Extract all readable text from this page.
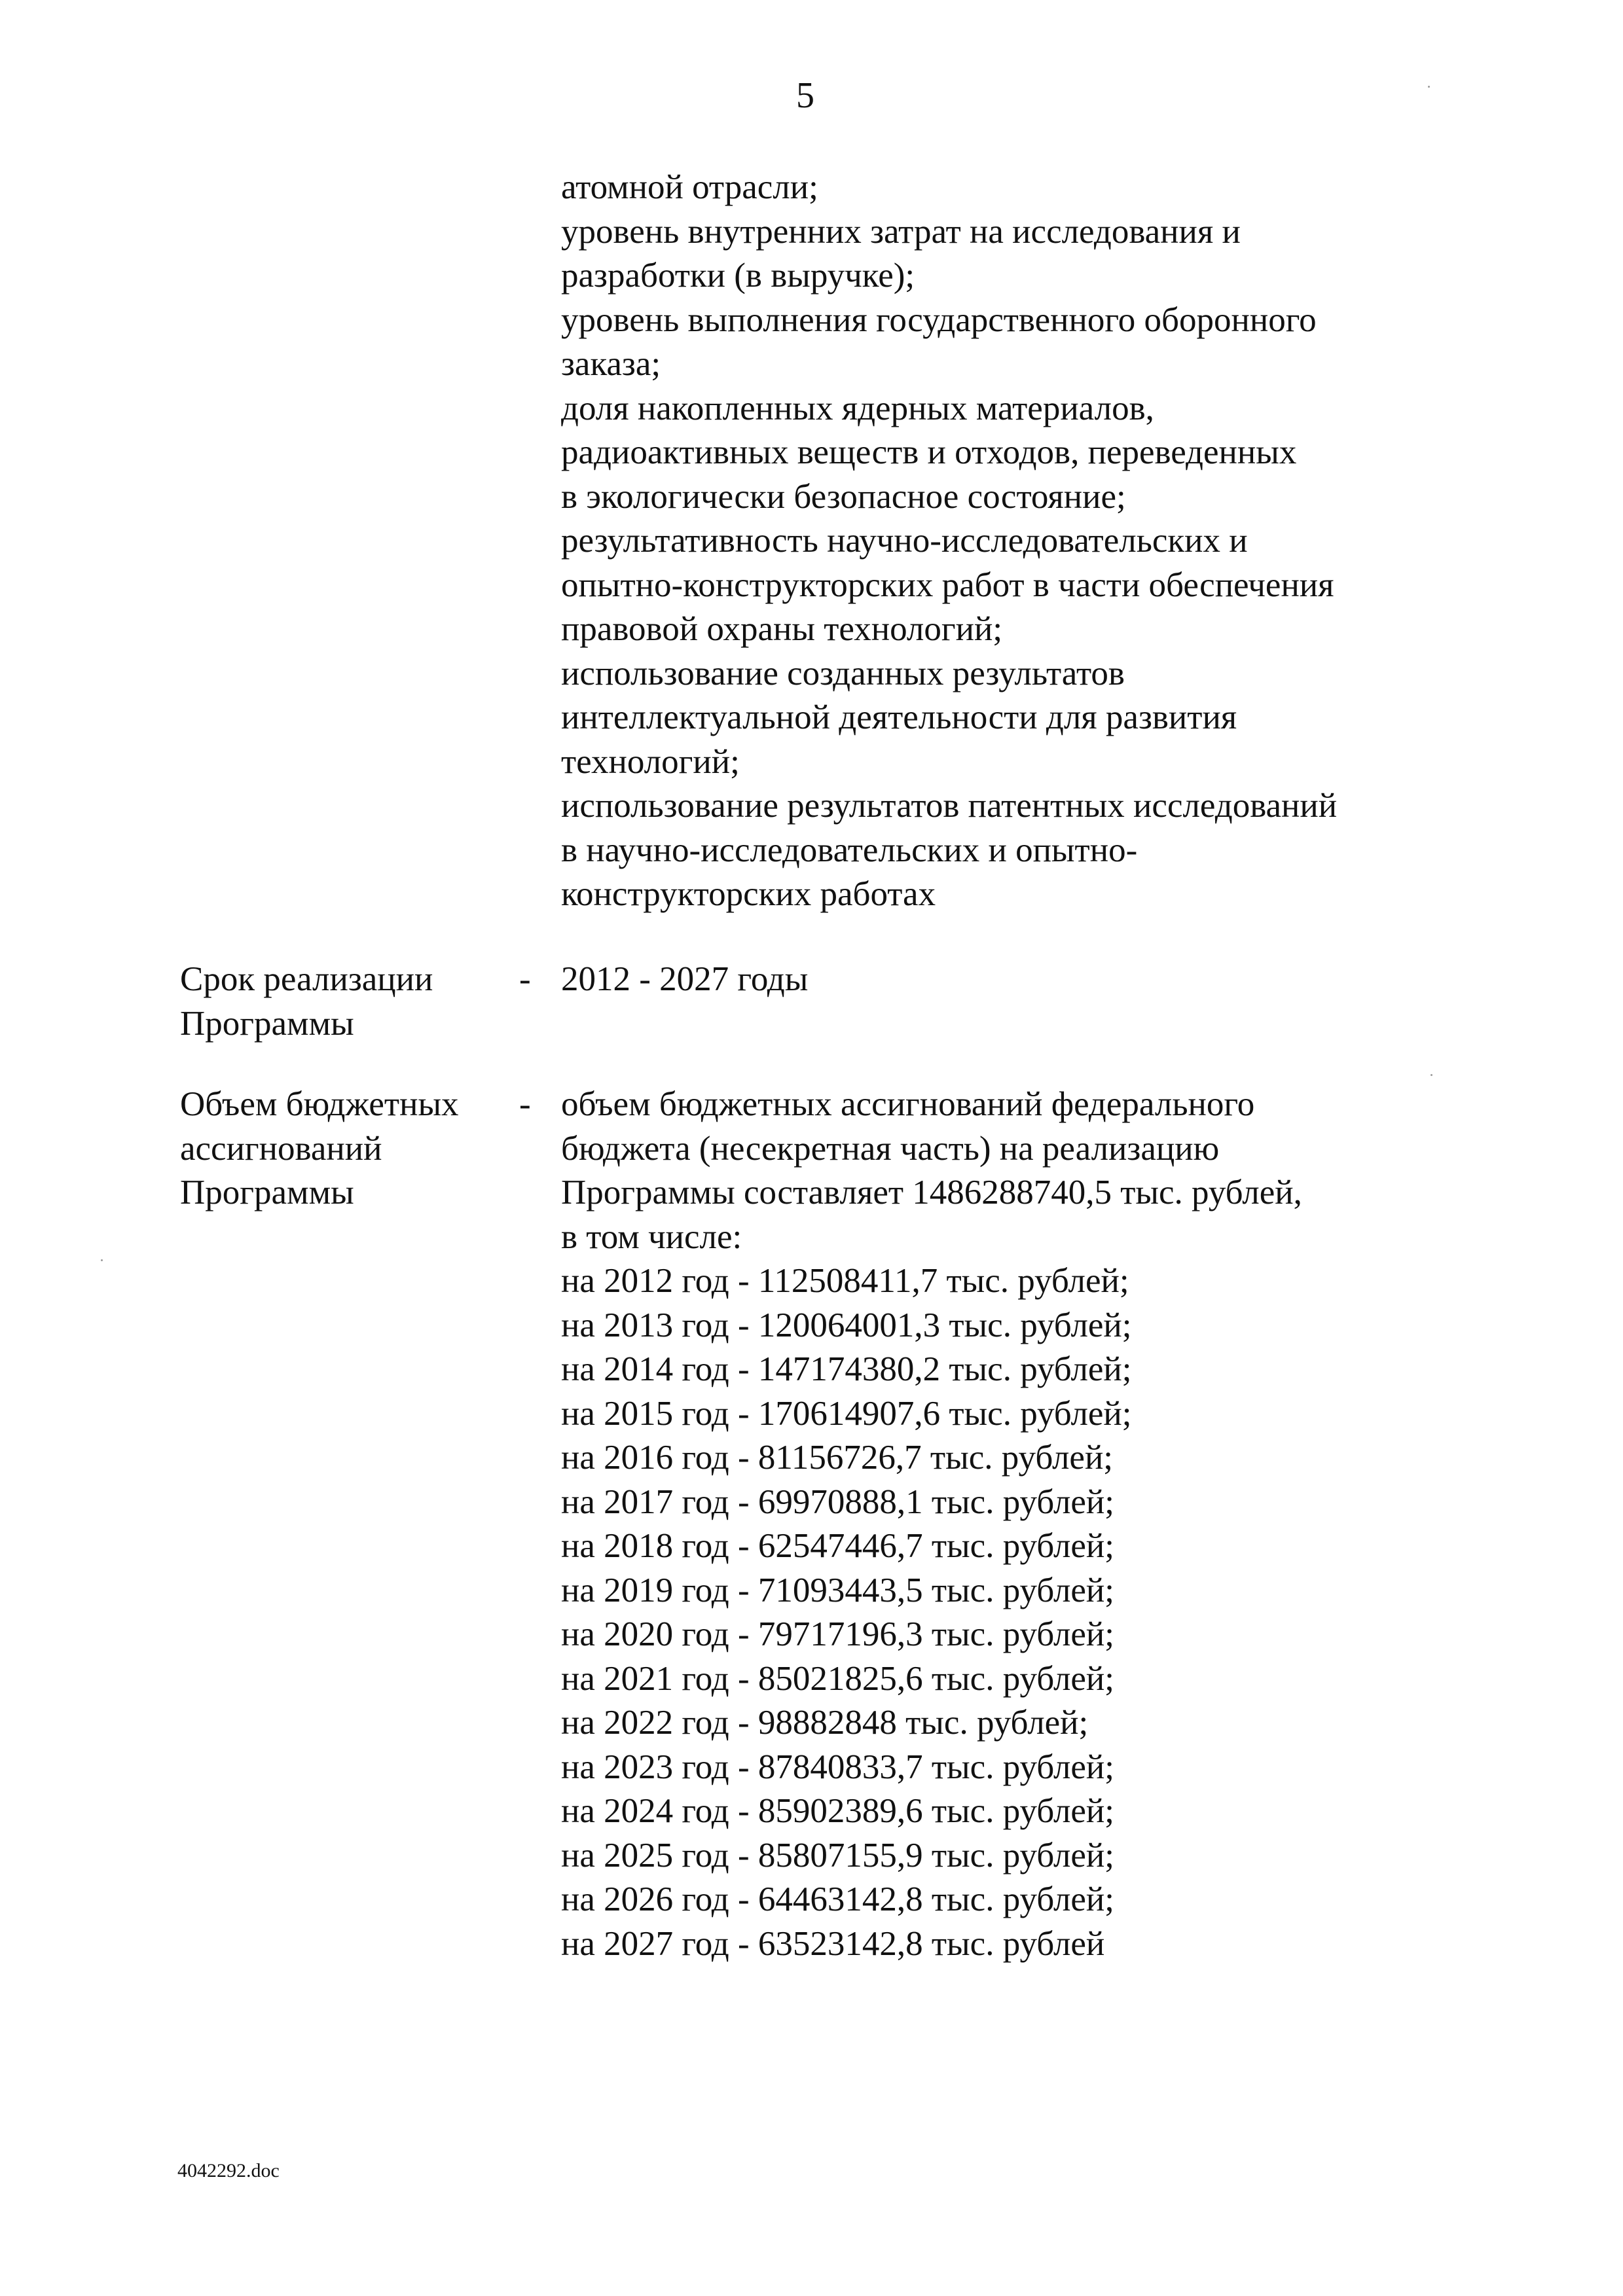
5
атомной отрасли;
уровень внутренних затрат на исследования и
разработки (в выручке);
уровень выполнения государственного оборонного
заказа;
доля накопленных ядерных материалов,
радиоактивных веществ и отходов, переведенных
в экологически безопасное состояние;
результативность научно-исследовательских и
опытно-конструкторских работ в части обеспечения
правовой охраны технологий;
использование созданных результатов
интеллектуальной деятельности для развития
технологий;
использование результатов патентных исследований
в научно-исследовательских и опытно-
конструкторских работах
Срок реализации
Программы
- 2012 - 2027 годы
Объем бюджетных
ассигнований
Программы
- объем бюджетных ассигнований федерального
бюджета (несекретная часть) на реализацию
Программы составляет 1486288740,5 тыс. рублей,
в том числе:
на 2012 год - 112508411,7 тыс. рублей;
на 2013 год - 120064001,3 тыс. рублей;
на 2014 год - 147174380,2 тыс. рублей;
на 2015 год - 170614907,6 тыс. рублей;
на 2016 год - 81156726,7 тыс. рублей;
на 2017 год - 69970888,1 тыс. рублей;
на 2018 год - 62547446,7 тыс. рублей;
на 2019 год - 71093443,5 тыс. рублей;
на 2020 год - 79717196,3 тыс. рублей;
на 2021 год - 85021825,6 тыс. рублей;
на 2022 год - 98882848 тыс. рублей;
на 2023 год - 87840833,7 тыс. рублей;
на 2024 год - 85902389,6 тыс. рублей;
на 2025 год - 85807155,9 тыс. рублей;
на 2026 год - 64463142,8 тыс. рублей;
на 2027 год - 63523142,8 тыс. рублей
4042292.doc
